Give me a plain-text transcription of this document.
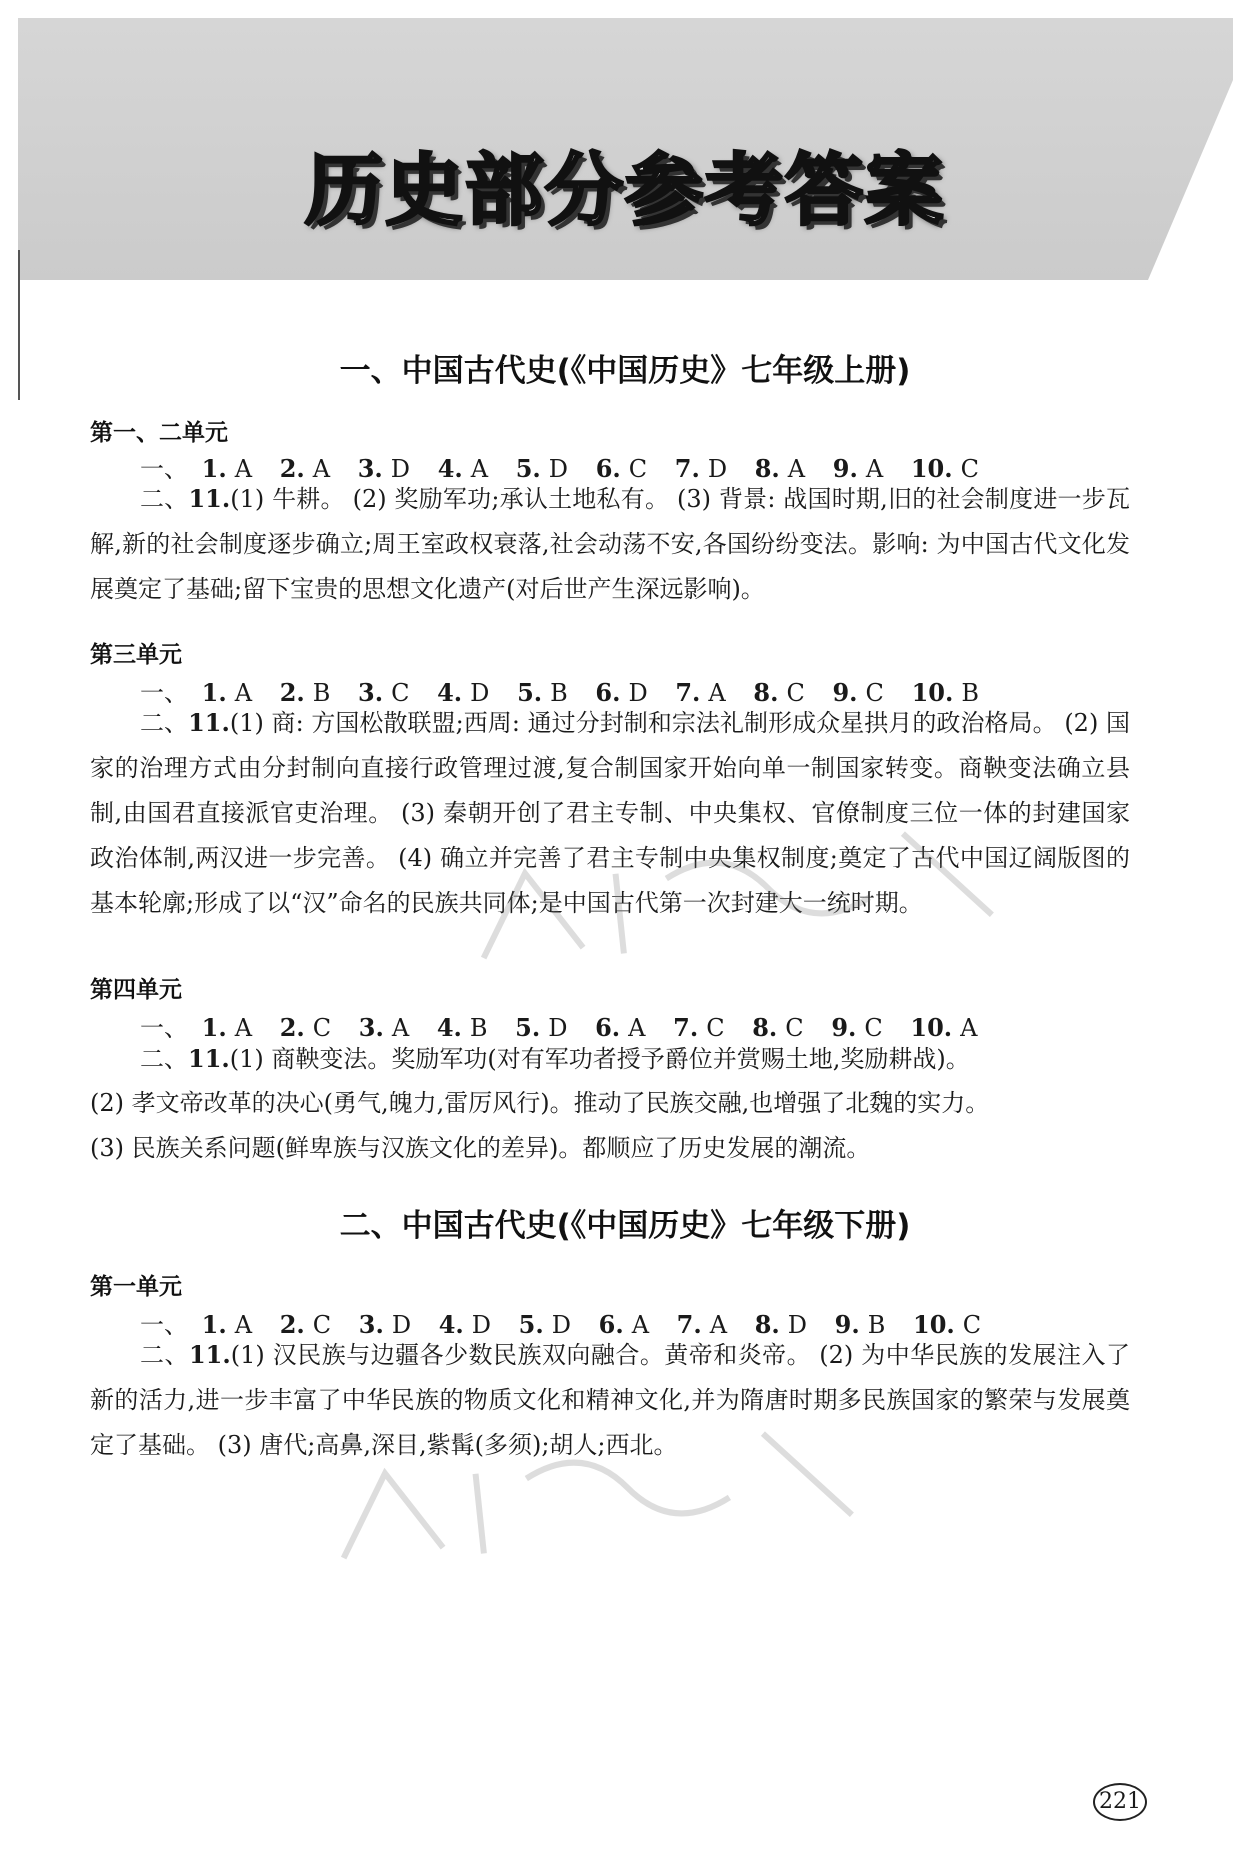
历史部分参考答案
一、中国古代史(《中国历史》七年级上册)
第一、二单元
一、 1. A 2. A 3. D 4. A 5. D 6. C 7. D 8. A 9. A 10. C
二、11.(1) 牛耕。 (2) 奖励军功;承认土地私有。 (3) 背景: 战国时期,旧的社会制度进一步瓦解,新的社会制度逐步确立;周王室政权衰落,社会动荡不安,各国纷纷变法。影响: 为中国古代文化发展奠定了基础;留下宝贵的思想文化遗产(对后世产生深远影响)。
第三单元
一、 1. A 2. B 3. C 4. D 5. B 6. D 7. A 8. C 9. C 10. B
二、11.(1) 商: 方国松散联盟;西周: 通过分封制和宗法礼制形成众星拱月的政治格局。 (2) 国家的治理方式由分封制向直接行政管理过渡,复合制国家开始向单一制国家转变。商鞅变法确立县制,由国君直接派官吏治理。 (3) 秦朝开创了君主专制、中央集权、官僚制度三位一体的封建国家政治体制,两汉进一步完善。 (4) 确立并完善了君主专制中央集权制度;奠定了古代中国辽阔版图的基本轮廓;形成了以“汉”命名的民族共同体;是中国古代第一次封建大一统时期。
第四单元
一、 1. A 2. C 3. A 4. B 5. D 6. A 7. C 8. C 9. C 10. A
二、11.(1) 商鞅变法。奖励军功(对有军功者授予爵位并赏赐土地,奖励耕战)。
(2) 孝文帝改革的决心(勇气,魄力,雷厉风行)。推动了民族交融,也增强了北魏的实力。
(3) 民族关系问题(鲜卑族与汉族文化的差异)。都顺应了历史发展的潮流。
二、中国古代史(《中国历史》七年级下册)
第一单元
一、 1. A 2. C 3. D 4. D 5. D 6. A 7. A 8. D 9. B 10. C
二、11.(1) 汉民族与边疆各少数民族双向融合。黄帝和炎帝。 (2) 为中华民族的发展注入了新的活力,进一步丰富了中华民族的物质文化和精神文化,并为隋唐时期多民族国家的繁荣与发展奠定了基础。 (3) 唐代;高鼻,深目,紫髯(多须);胡人;西北。
221
